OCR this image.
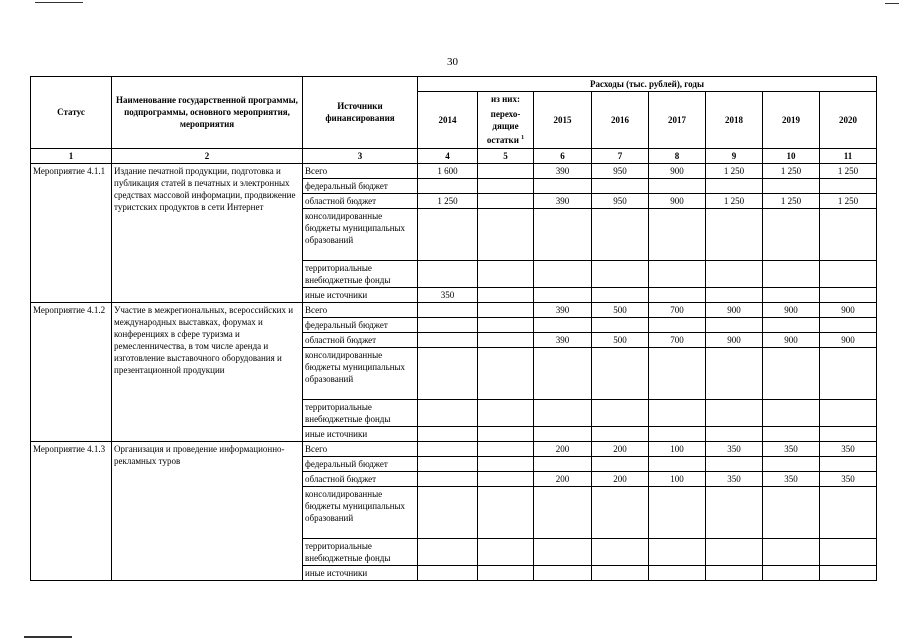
30
Статус	Наименование государственной программы, подпрограммы, основного мероприятия, мероприятия	Источники финансирования	Расходы (тыс. рублей), годы							
			2014	из них:	2015	2016	2017	2018	2019	2020
				перехо-дящие остатки $^1$
1	2	3	4	5	6	7	8	9	10	11
Мероприятие 4.1.1	Издание печатной продукции, подготовка и публикация статей в печатных и электронных средствах массовой информации, продвижение туристских продуктов в сети Интернет	Всего	1 600		390	950	900	1 250	1 250	1 250
		федеральный бюджет								
		областной бюджет	1 250		390	950	900	1 250	1 250	1 250
		консолидированные бюджеты муниципальных образований								
		территориальные внебюджетные фонды								
		иные источники	350							
Мероприятие 4.1.2	Участие в межрегиональных, всероссийских и международных выставках, форумах и конференциях в сфере туризма и ремесленничества, в том числе аренда и изготовление выставочного оборудования и презентационной продукции	Всего			390	500	700	900	900	900
		федеральный бюджет								
		областной бюджет			390	500	700	900	900	900
		консолидированные бюджеты муниципальных образований								
		территориальные внебюджетные фонды								
		иные источники								
Мероприятие 4.1.3	Организация и проведение информационно-рекламных туров	Всего			200	200	100	350	350	350
		федеральный бюджет								
		областной бюджет			200	200	100	350	350	350
		консолидированные бюджеты муниципальных образований								
		территориальные внебюджетные фонды								
		иные источники								
